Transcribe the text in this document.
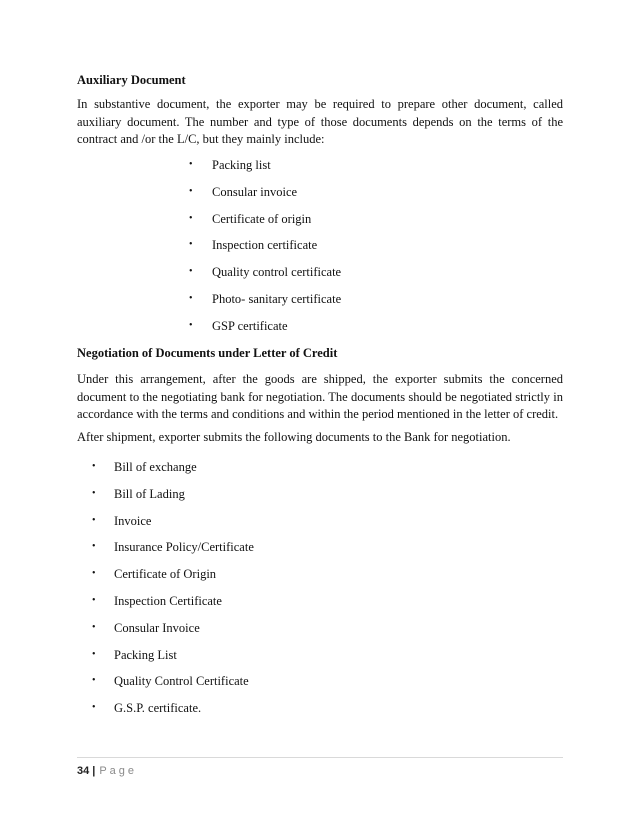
Auxiliary Document

In substantive document, the exporter may be required to prepare other document, called auxiliary document. The number and type of those documents depends on the terms of the contract and /or the L/C, but they mainly include:

• Packing list
• Consular invoice
• Certificate of origin
• Inspection certificate
• Quality control certificate
• Photo- sanitary certificate
• GSP certificate
Negotiation of Documents under Letter of Credit

Under this arrangement, after the goods are shipped, the exporter submits the concerned document to the negotiating bank for negotiation. The documents should be negotiated strictly in accordance with the terms and conditions and within the period mentioned in the letter of credit.

After shipment, exporter submits the following documents to the Bank for negotiation.

• Bill of exchange
• Bill of Lading
• Invoice
• Insurance Policy/Certificate
• Certificate of Origin
• Inspection Certificate
• Consular Invoice
• Packing List
• Quality Control Certificate
• G.S.P. certificate.
34 | Page
